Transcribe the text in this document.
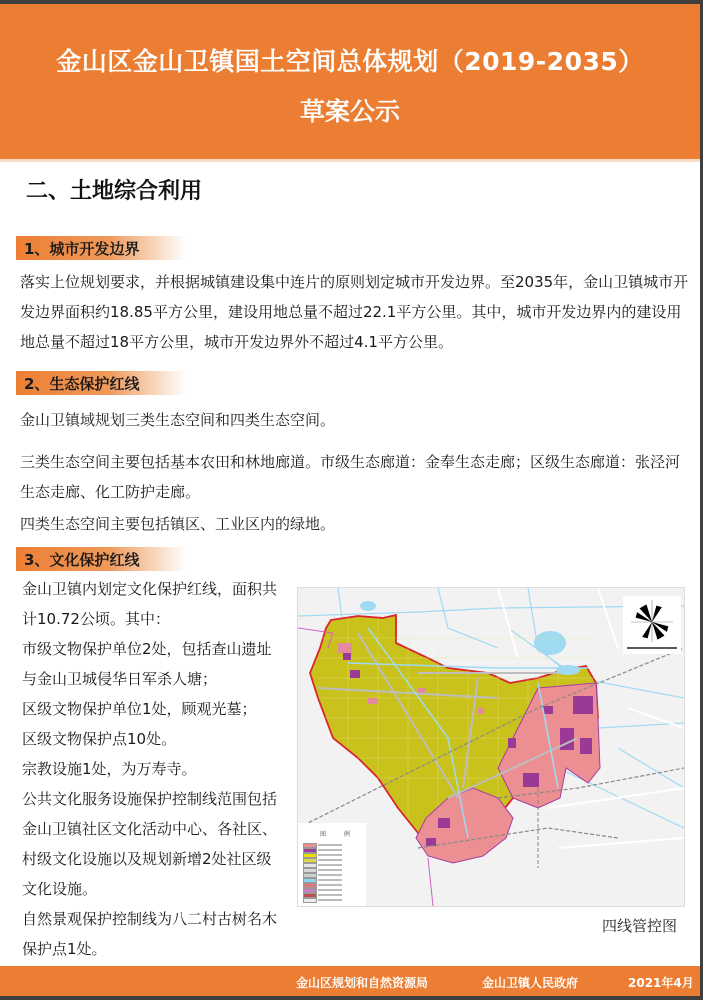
金山区金山卫镇国土空间总体规划（2019-2035）
草案公示
二、土地综合利用
1、城市开发边界
落实上位规划要求，并根据城镇建设集中连片的原则划定城市开发边界。至2035年，金山卫镇城市开发边界面积约18.85平方公里，建设用地总量不超过22.1平方公里。其中，城市开发边界内的建设用地总量不超过18平方公里，城市开发边界外不超过4.1平方公里。
2、生态保护红线
金山卫镇域规划三类生态空间和四类生态空间。
三类生态空间主要包括基本农田和林地廊道。市级生态廊道：金奉生态走廊；区级生态廊道：张泾河生态走廊、化工防护走廊。
四类生态空间主要包括镇区、工业区内的绿地。
3、文化保护红线
金山卫镇内划定文化保护红线，面积共计10.72公顷。其中：
市级文物保护单位2处，包括查山遗址与金山卫城侵华日军杀人塘；
区级文物保护单位1处，顾观光墓；
区级文物保护点10处。
宗教设施1处，为万寿寺。
公共文化服务设施保护控制线范围包括金山卫镇社区文化活动中心、各社区、村级文化设施以及规划新增2处社区级文化设施。
自然景观保护控制线为八二村古树名木保护点1处。
图 例
四线管控图
金山区规划和自然资源局	金山卫镇人民政府	2021年4月
